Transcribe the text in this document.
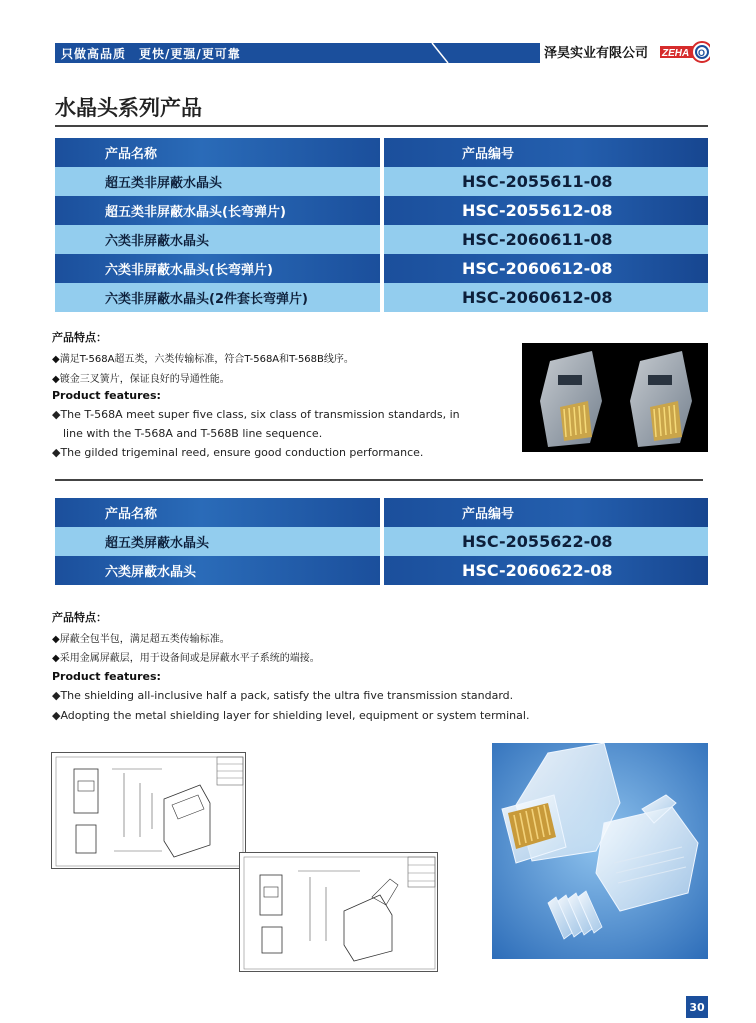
只做高品质　更快/更强/更可靠	泽昊实业有限公司 ZEHA O
水晶头系列产品
产品名称	产品编号
超五类非屏蔽水晶头	HSC-2055611-08
超五类非屏蔽水晶头(长弯弹片)	HSC-2055612-08
六类非屏蔽水晶头	HSC-2060611-08
六类非屏蔽水晶头(长弯弹片)	HSC-2060612-08
六类非屏蔽水晶头(2件套长弯弹片)	HSC-2060612-08
产品特点：
◆满足T-568A超五类，六类传输标准，符合T-568A和T-568B线序。
◆镀金三叉簧片，保证良好的导通性能。
Product features:
◆The T-568A meet super five class, six class of transmission standards, in
line with the T-568A and T-568B line sequence.
◆The gilded trigeminal reed, ensure good conduction performance.
产品名称	产品编号
超五类屏蔽水晶头	HSC-2055622-08
六类屏蔽水晶头	HSC-2060622-08
产品特点：
◆屏蔽全包半包，满足超五类传输标准。
◆采用金属屏蔽层，用于设备间或是屏蔽水平子系统的端接。
Product features:
◆The shielding all-inclusive half a pack, satisfy the ultra five transmission standard.
◆Adopting the metal shielding layer for shielding level, equipment or system terminal.
30
